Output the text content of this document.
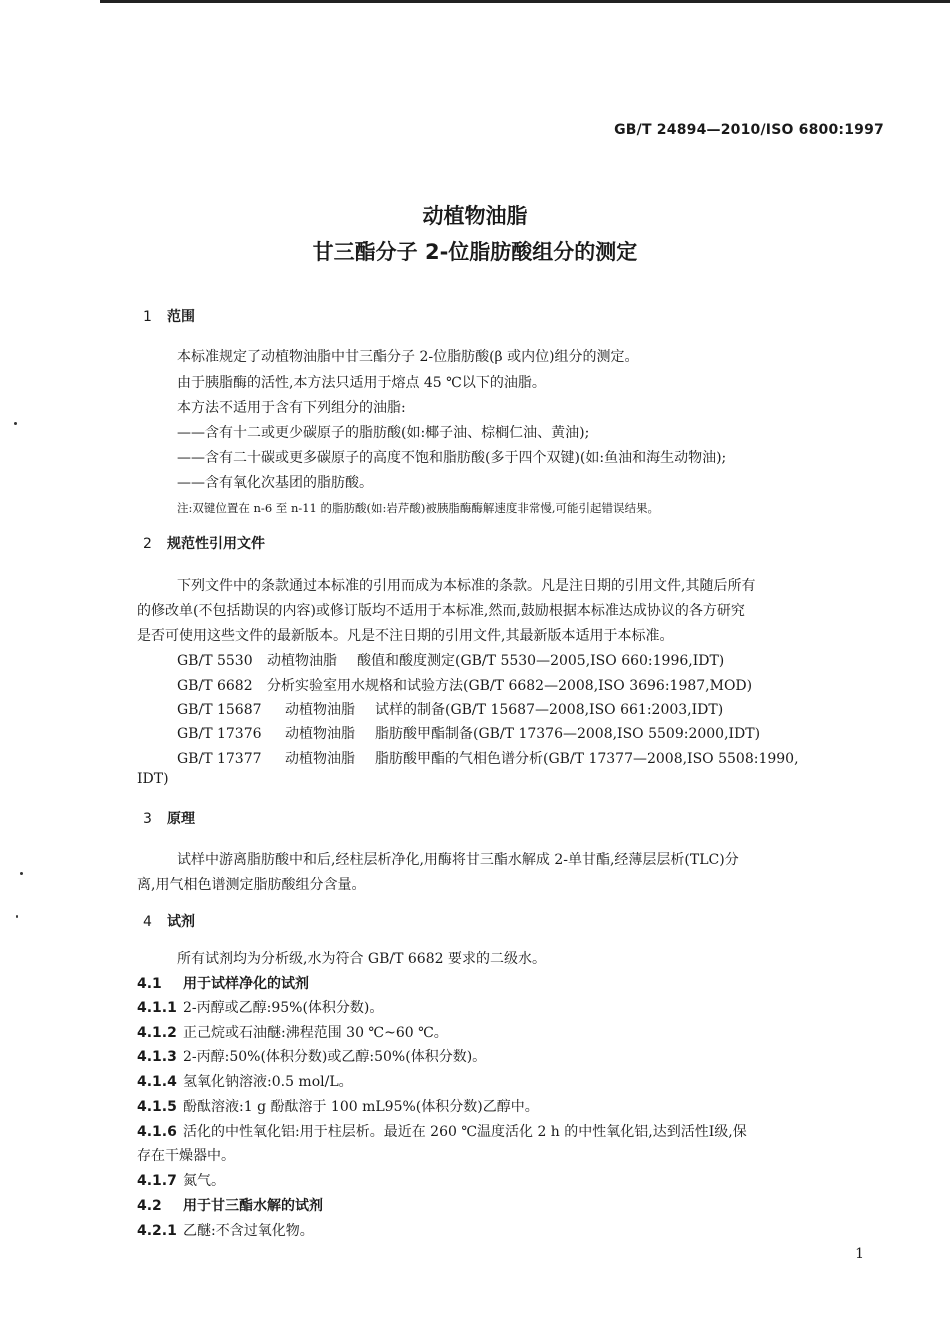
GB/T 24894—2010/ISO 6800:1997
动植物油脂
甘三酯分子 2-位脂肪酸组分的测定
1 范围
本标准规定了动植物油脂中甘三酯分子 2-位脂肪酸(β 或内位)组分的测定。
由于胰脂酶的活性,本方法只适用于熔点 45 ℃以下的油脂。
本方法不适用于含有下列组分的油脂:
——含有十二或更少碳原子的脂肪酸(如:椰子油、棕榈仁油、黄油);
——含有二十碳或更多碳原子的高度不饱和脂肪酸(多于四个双键)(如:鱼油和海生动物油);
——含有氧化次基团的脂肪酸。
注:双键位置在 n-6 至 n-11 的脂肪酸(如:岩芹酸)被胰脂酶酶解速度非常慢,可能引起错误结果。
2 规范性引用文件
下列文件中的条款通过本标准的引用而成为本标准的条款。凡是注日期的引用文件,其随后所有
的修改单(不包括勘误的内容)或修订版均不适用于本标准,然而,鼓励根据本标准达成协议的各方研究
是否可使用这些文件的最新版本。凡是不注日期的引用文件,其最新版本适用于本标准。
GB/T 5530 动植物油脂 酸值和酸度测定(GB/T 5530—2005,ISO 660:1996,IDT)
GB/T 6682 分析实验室用水规格和试验方法(GB/T 6682—2008,ISO 3696:1987,MOD)
GB/T 15687 动植物油脂 试样的制备(GB/T 15687—2008,ISO 661:2003,IDT)
GB/T 17376 动植物油脂 脂肪酸甲酯制备(GB/T 17376—2008,ISO 5509:2000,IDT)
GB/T 17377 动植物油脂 脂肪酸甲酯的气相色谱分析(GB/T 17377—2008,ISO 5508:1990,
IDT)
3 原理
试样中游离脂肪酸中和后,经柱层析净化,用酶将甘三酯水解成 2-单甘酯,经薄层层析(TLC)分
离,用气相色谱测定脂肪酸组分含量。
4 试剂
所有试剂均为分析级,水为符合 GB/T 6682 要求的二级水。
4.1 用于试样净化的试剂
4.1.1 2-丙醇或乙醇:95%(体积分数)。
4.1.2 正己烷或石油醚:沸程范围 30 ℃~60 ℃。
4.1.3 2-丙醇:50%(体积分数)或乙醇:50%(体积分数)。
4.1.4 氢氧化钠溶液:0.5 mol/L。
4.1.5 酚酞溶液:1 g 酚酞溶于 100 mL95%(体积分数)乙醇中。
4.1.6 活化的中性氧化铝:用于柱层析。最近在 260 ℃温度活化 2 h 的中性氧化铝,达到活性Ⅰ级,保
存在干燥器中。
4.1.7 氮气。
4.2 用于甘三酯水解的试剂
4.2.1 乙醚:不含过氧化物。
1
